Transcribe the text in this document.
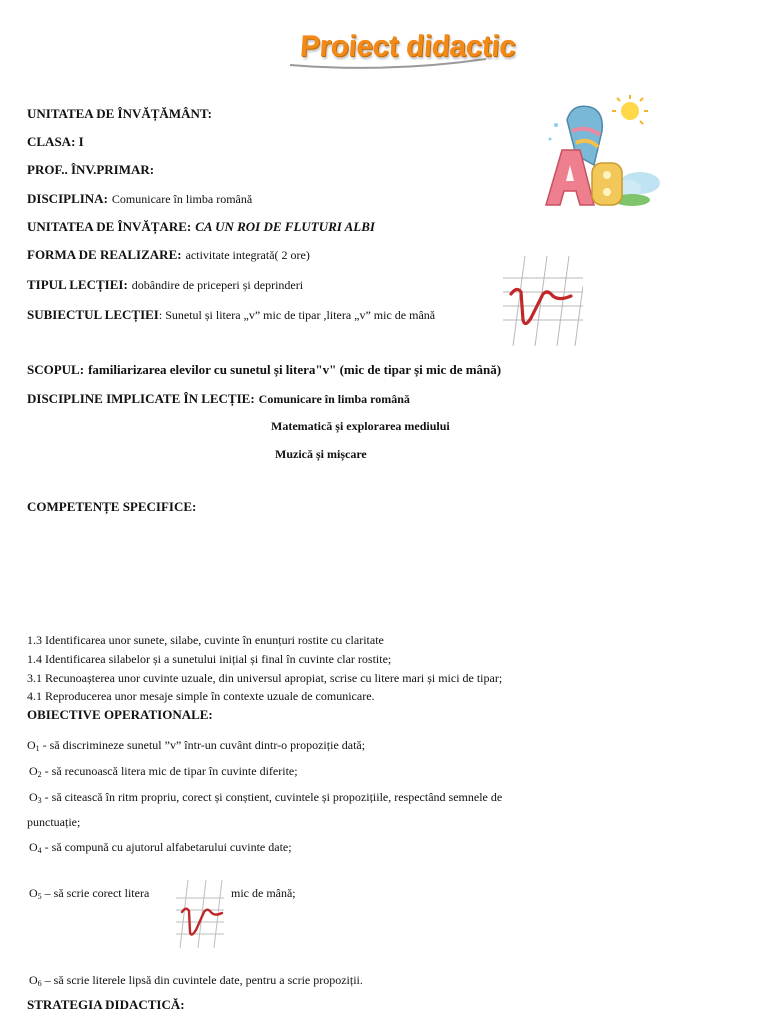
Proiect didactic
UNITATEA DE ÎNVĂȚĂMÂNT:
CLASA: I
PROF.. ÎNV.PRIMAR:
DISCIPLINA: Comunicare în limba română
UNITATEA DE ÎNVĂȚARE: CA UN ROI DE FLUTURI ALBI
FORMA DE REALIZARE: activitate integrată( 2 ore)
TIPUL LECȚIEI: dobândire de priceperi și deprinderi
SUBIECTUL LECȚIEI: Sunetul și litera „v” mic de tipar ,litera „v” mic de mână
SCOPUL: familiarizarea elevilor cu sunetul și litera"v" (mic de tipar și mic de mână)
DISCIPLINE IMPLICATE ÎN LECȚIE: Comunicare în limba română
Matematică și explorarea mediului
Muzică și mișcare
COMPETENȚE SPECIFICE:
1.3 Identificarea unor sunete, silabe, cuvinte în enunțuri rostite cu claritate
1.4 Identificarea silabelor și a sunetului inițial și final în cuvinte clar rostite;
3.1 Recunoașterea unor cuvinte uzuale, din universul apropiat, scrise cu litere mari și mici de tipar;
4.1 Reproducerea unor mesaje simple în contexte uzuale de comunicare.
OBIECTIVE OPERATIONALE:
$O_1$ - să discrimineze sunetul ”v” într-un cuvânt dintr-o propoziție dată;
$O_2$ - să recunoască litera mic de tipar în cuvinte diferite;
$O_3$ - să citească în ritm propriu, corect și conștient, cuvintele și propozițiile, respectând semnele de
punctuație;
$O_4$ - să compună cu ajutorul alfabetarului cuvinte date;
$O_5$ – să scrie corect litera	mic de mână;
$O_6$ – să scrie literele lipsă din cuvintele date, pentru a scrie propoziții.
STRATEGIA DIDACTICĂ:
